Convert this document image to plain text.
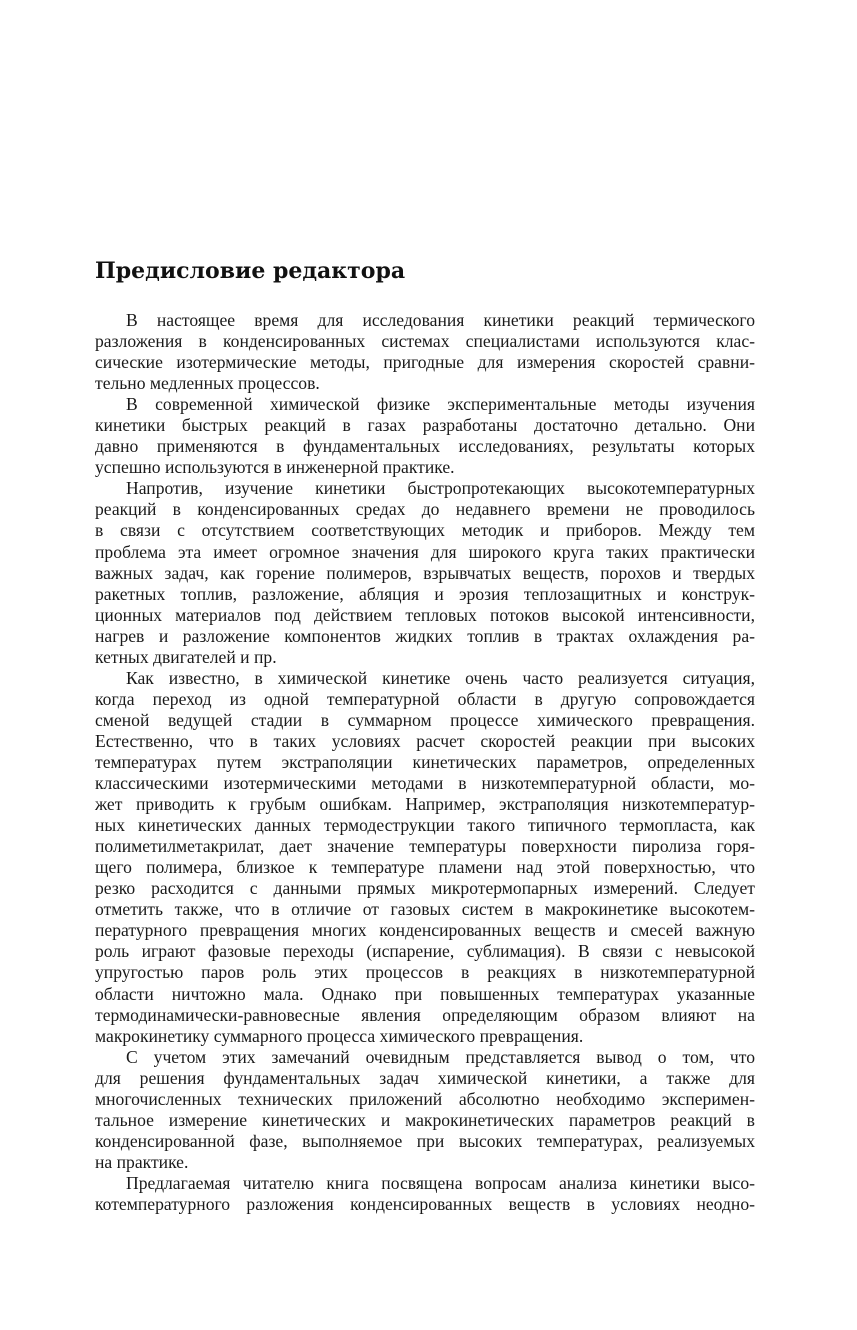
Предисловие редактора
В настоящее время для исследования кинетики реакций термического
разложения в конденсированных системах специалистами используются клас-
сические изотермические методы, пригодные для измерения скоростей сравни-
тельно медленных процессов.
В современной химической физике экспериментальные методы изучения
кинетики быстрых реакций в газах разработаны достаточно детально. Они
давно применяются в фундаментальных исследованиях, результаты которых
успешно используются в инженерной практике.
Напротив, изучение кинетики быстропротекающих высокотемпературных
реакций в конденсированных средах до недавнего времени не проводилось
в связи с отсутствием соответствующих методик и приборов. Между тем
проблема эта имеет огромное значения для широкого круга таких практически
важных задач, как горение полимеров, взрывчатых веществ, порохов и твердых
ракетных топлив, разложение, абляция и эрозия теплозащитных и конструк-
ционных материалов под действием тепловых потоков высокой интенсивности,
нагрев и разложение компонентов жидких топлив в трактах охлаждения ра-
кетных двигателей и пр.
Как известно, в химической кинетике очень часто реализуется ситуация,
когда переход из одной температурной области в другую сопровождается
сменой ведущей стадии в суммарном процессе химического превращения.
Естественно, что в таких условиях расчет скоростей реакции при высоких
температурах путем экстраполяции кинетических параметров, определенных
классическими изотермическими методами в низкотемпературной области, мо-
жет приводить к грубым ошибкам. Например, экстраполяция низкотемператур-
ных кинетических данных термодеструкции такого типичного термопласта, как
полиметилметакрилат, дает значение температуры поверхности пиролиза горя-
щего полимера, близкое к температуре пламени над этой поверхностью, что
резко расходится с данными прямых микротермопарных измерений. Следует
отметить также, что в отличие от газовых систем в макрокинетике высокотем-
пературного превращения многих конденсированных веществ и смесей важную
роль играют фазовые переходы (испарение, сублимация). В связи с невысокой
упругостью паров роль этих процессов в реакциях в низкотемпературной
области ничтожно мала. Однако при повышенных температурах указанные
термодинамически-равновесные явления определяющим образом влияют на
макрокинетику суммарного процесса химического превращения.
С учетом этих замечаний очевидным представляется вывод о том, что
для решения фундаментальных задач химической кинетики, а также для
многочисленных технических приложений абсолютно необходимо эксперимен-
тальное измерение кинетических и макрокинетических параметров реакций в
конденсированной фазе, выполняемое при высоких температурах, реализуемых
на практике.
Предлагаемая читателю книга посвящена вопросам анализа кинетики высо-
котемпературного разложения конденсированных веществ в условиях неодно-
